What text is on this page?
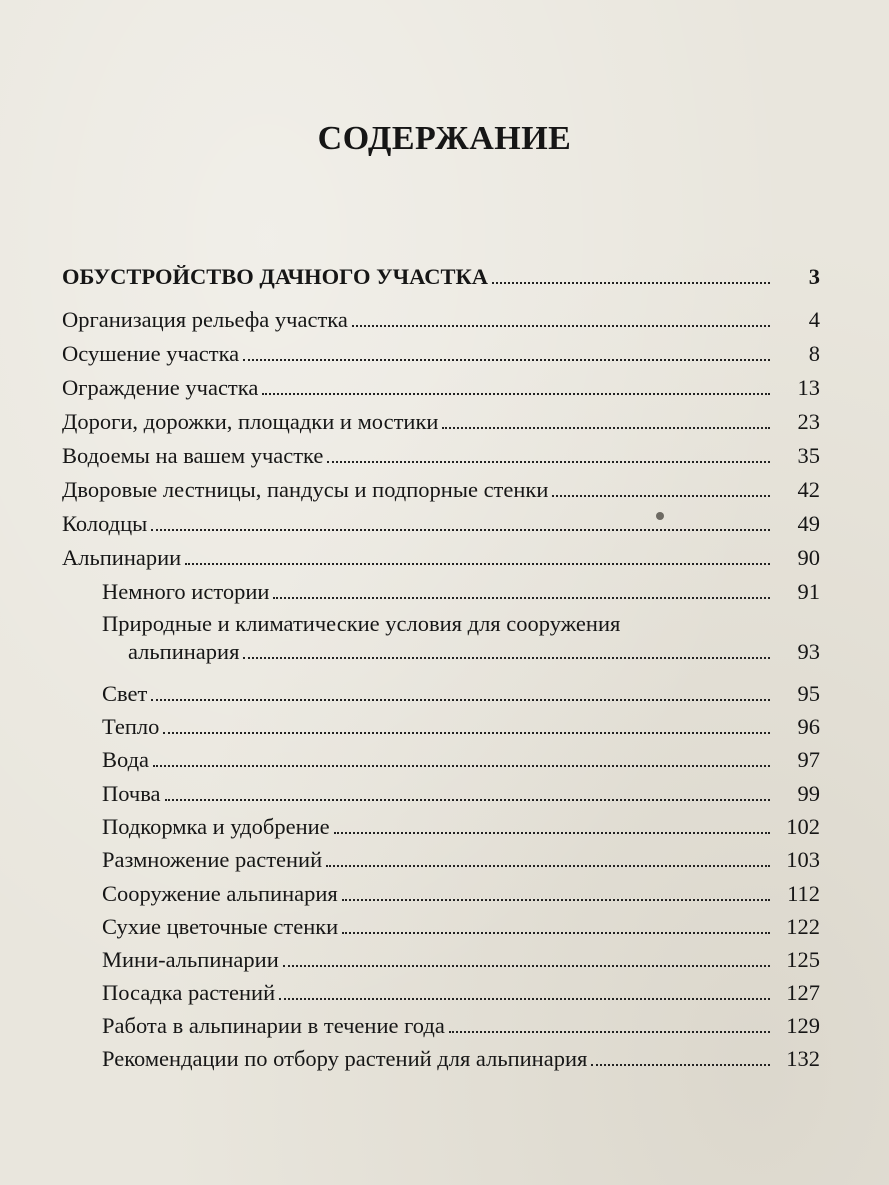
СОДЕРЖАНИЕ
ОБУСТРОЙСТВО ДАЧНОГО УЧАСТКА	3
Организация рельефа участка	4
Осушение участка	8
Ограждение участка	13
Дороги, дорожки, площадки и мостики	23
Водоемы на вашем участке	35
Дворовые лестницы, пандусы и подпорные стенки	42
Колодцы	49
Альпинарии	90
Немного истории	91
Природные и климатические условия для сооружения
альпинария	93
Свет	95
Тепло	96
Вода	97
Почва	99
Подкормка и удобрение	102
Размножение растений	103
Сооружение альпинария	112
Сухие цветочные стенки	122
Мини-альпинарии	125
Посадка растений	127
Работа в альпинарии в течение года	129
Рекомендации по отбору растений для альпинария	132
